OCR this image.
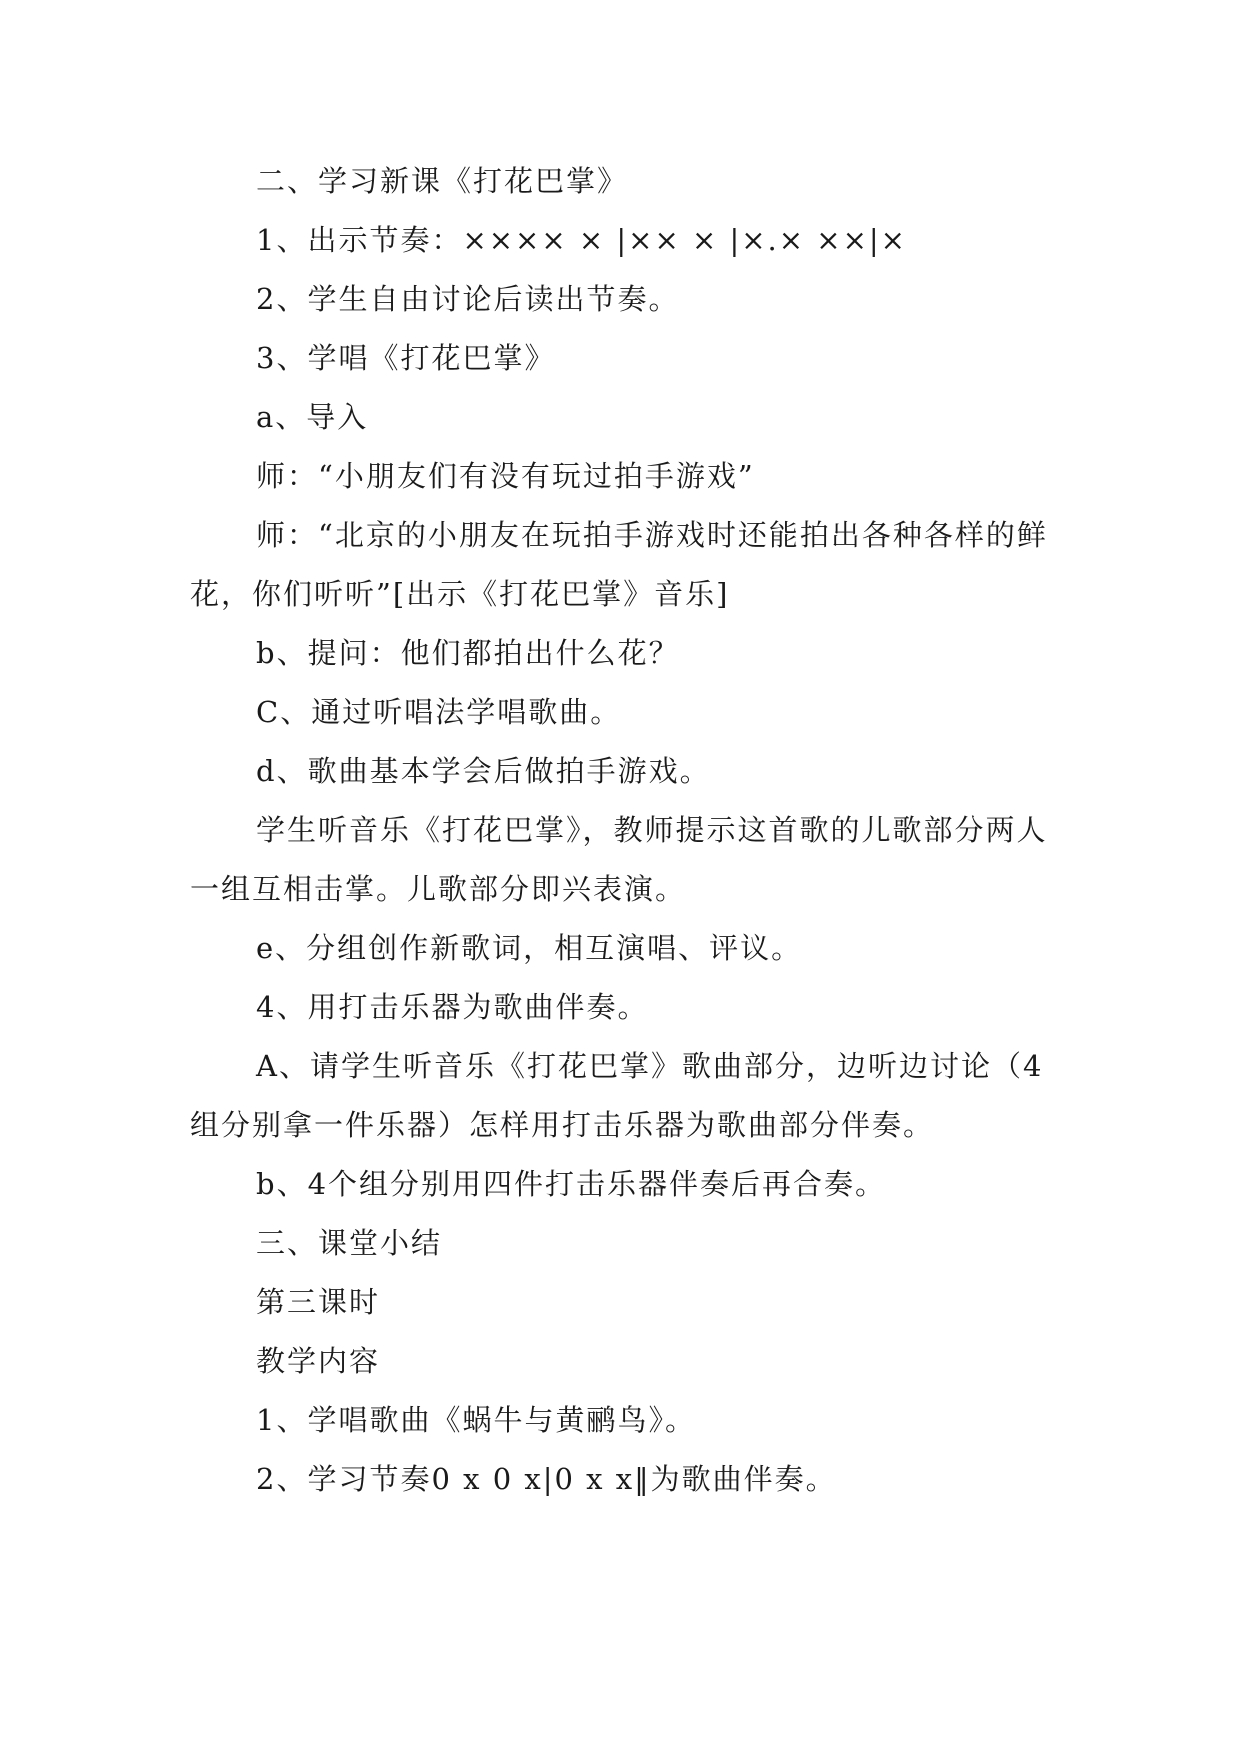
二、学习新课《打花巴掌》

1、出示节奏：×××× × |×× × |×.× ××|×

2、学生自由讨论后读出节奏。

3、学唱《打花巴掌》

a、导入

师：“小朋友们有没有玩过拍手游戏”

师：“北京的小朋友在玩拍手游戏时还能拍出各种各样的鲜花，你们听听”[出示《打花巴掌》音乐]

b、提问：他们都拍出什么花？

C、通过听唱法学唱歌曲。

d、歌曲基本学会后做拍手游戏。

学生听音乐《打花巴掌》，教师提示这首歌的儿歌部分两人一组互相击掌。儿歌部分即兴表演。

e、分组创作新歌词，相互演唱、评议。

4、用打击乐器为歌曲伴奏。

A、请学生听音乐《打花巴掌》歌曲部分，边听边讨论（4组分别拿一件乐器）怎样用打击乐器为歌曲部分伴奏。

b、4个组分别用四件打击乐器伴奏后再合奏。

三、课堂小结

第三课时

教学内容

1、学唱歌曲《蜗牛与黄鹂鸟》。

2、学习节奏0 x 0 x|0 x x‖为歌曲伴奏。
